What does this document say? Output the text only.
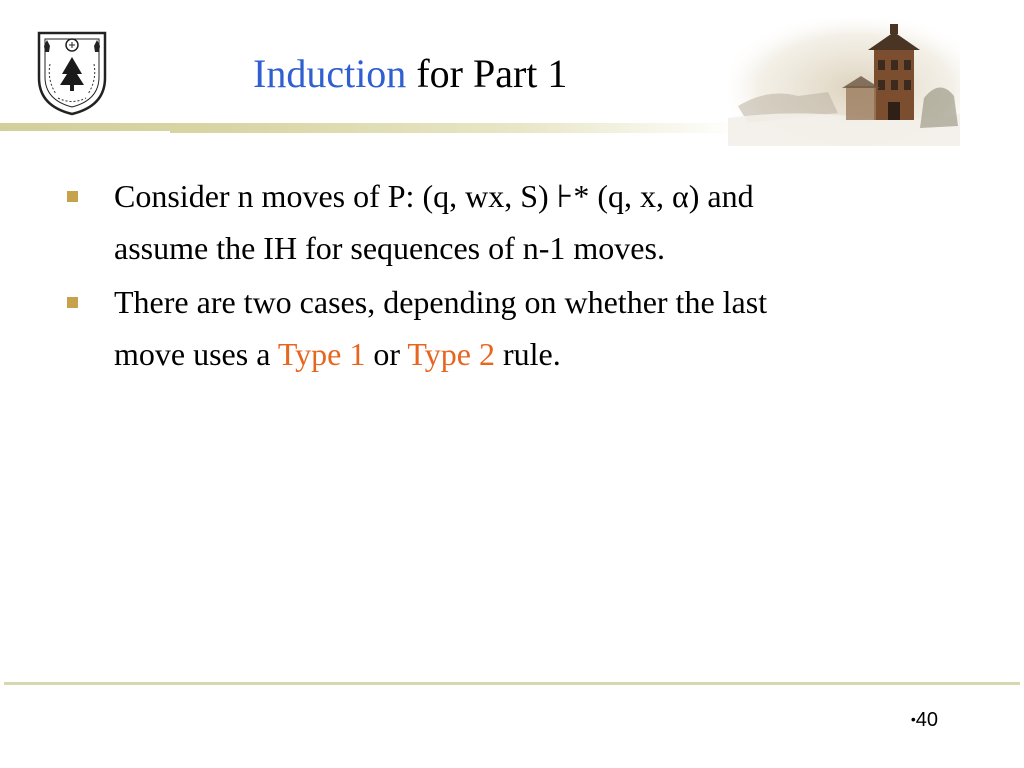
Induction for Part 1
Consider n moves of P: (q, wx, S) ⊦* (q, x, α) and
assume the IH for sequences of n-1 moves.
There are two cases, depending on whether the last
move uses a Type 1 or Type 2 rule.
•40
